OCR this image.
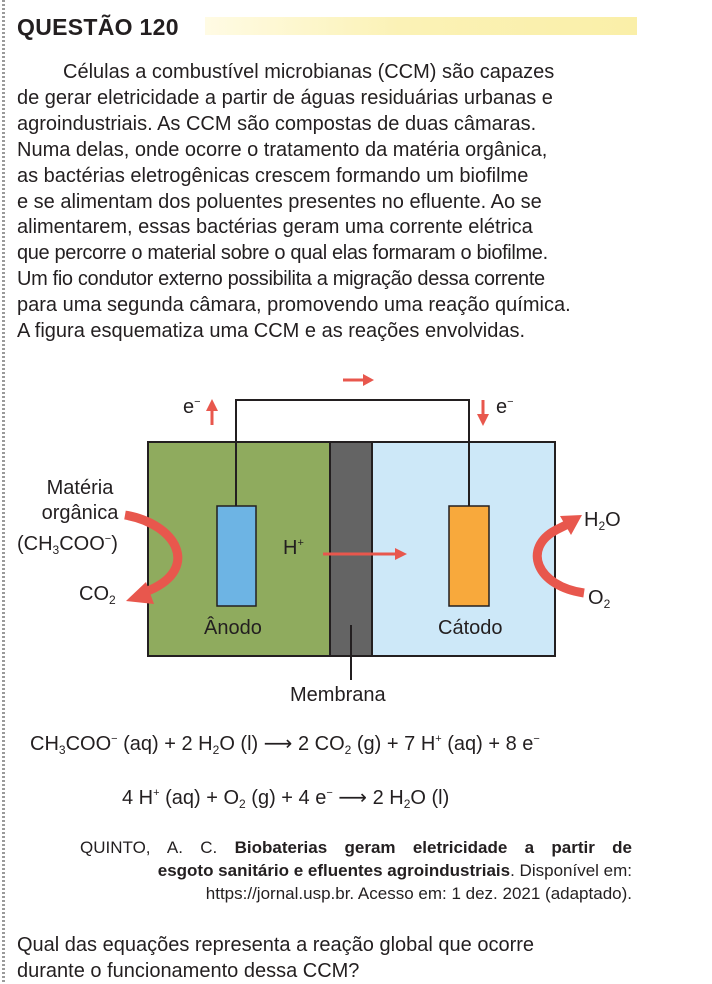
QUESTÃO 120
Células a combustível microbianas (CCM) são capazes
de gerar eletricidade a partir de águas residuárias urbanas e
agroindustriais. As CCM são compostas de duas câmaras.
Numa delas, onde ocorre o tratamento da matéria orgânica,
as bactérias eletrogênicas crescem formando um biofilme
e se alimentam dos poluentes presentes no efluente. Ao se
alimentarem, essas bactérias geram uma corrente elétrica
que percorre o material sobre o qual elas formaram o biofilme.
Um fio condutor externo possibilita a migração dessa corrente
para uma segunda câmara, promovendo uma reação química.
A figura esquematiza uma CCM e as reações envolvidas.
e−	e−
Matéria
orgânica
$(CH_3COO^-)$
$CO_2$
H+
Ânodo	Cátodo
$H_2O$
$O_2$
Membrana
$CH_3COO^-$ (aq) + 2 $H_2O$ (l) ⟶ 2 $CO_2$ (g) + 7 H+ (aq) + 8 e−
4 H+ $(aq) + O_2$ (g) + 4 e− ⟶ 2 $H_2O$ (l)
QUINTO, A. C. Biobaterias geram eletricidade a partir de
esgoto sanitário e efluentes agroindustriais. Disponível em:
https://jornal.usp.br. Acesso em: 1 dez. 2021 (adaptado).
Qual das equações representa a reação global que ocorre
durante o funcionamento dessa CCM?
